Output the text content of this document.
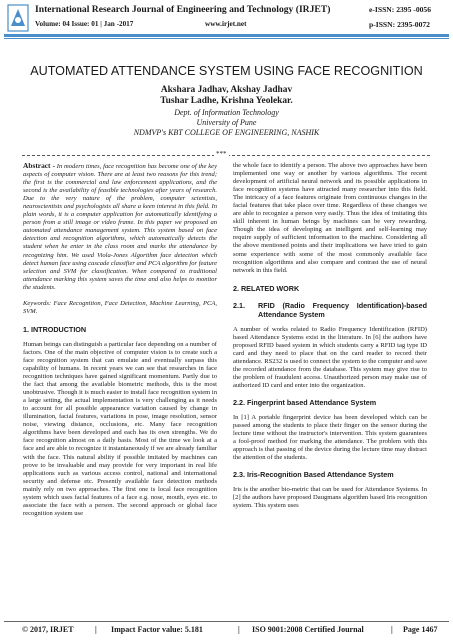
International Research Journal of Engineering and Technology (IRJET)
Volume: 04 Issue: 01 | Jan -2017	www.irjet.net
e-ISSN: 2395 -0056
p-ISSN: 2395-0072
AUTOMATED ATTENDANCE SYSTEM USING FACE RECOGNITION
Akshara Jadhav, Akshay Jadhav
Tushar Ladhe, Krishna Yeolekar.
Dept. of Information Technology
University of Pune
NDMVP's KBT COLLEGE OF ENGINEERING, NASHIK
***
Abstract - In modern times, face recognition has become one of the key aspects of computer vision. There are at least two reasons for this trend; the first is the commercial and law enforcement applications, and the second is the availability of feasible technologies after years of research. Due to the very nature of the problem, computer scientists, neuroscientists and psychologists all share a keen interest in this field. In plain words, it is a computer application for automatically identifying a person from a still image or video frame. In this paper we proposed an automated attendance management system. This system based on face detection and recognition algorithms, which automatically detects the student when he enter in the class room and marks the attendance by recognizing him. We used Viola-Jones Algorithm face detection which detect human face using cascade classifier and PCA algorithm for feature selection and SVM for classification. When compared to traditional attendance marking this system saves the time and also helps to monitor the students.
Keywords: Face Recognition, Face Detection, Machine Learning, PCA, SVM.
1. INTRODUCTION
Human beings can distinguish a particular face depending on a number of factors. One of the main objective of computer vision is to create such a face recognition system that can emulate and eventually surpass this capability of humans. In recent years we can see that researches in face recognition techniques have gained significant momentum. Partly due to the fact that among the available biometric methods, this is the most unobtrusive. Though it is much easier to install face recognition system in a large setting, the actual implementation is very challenging as it needs to account for all possible appearance variation caused by change in illumination, facial features, variations in pose, image resolution, sensor noise, viewing distance, occlusions, etc. Many face recognition algorithms have been developed and each has its own strengths. We do face recognition almost on a daily basis. Most of the time we look at a face and are able to recognize it instantaneously if we are already familiar with the face. This natural ability if possible imitated by machines can prove to be invaluable and may provide for very important in real life applications such as various access control, national and international security and defense etc. Presently available face detection methods mainly rely on two approaches. The first one is local face recognition system which uses facial features of a face e.g. nose, mouth, eyes etc. to associate the face with a person. The second approach or global face recognition system use
the whole face to identify a person. The above two approaches have been implemented one way or another by various algorithms. The recent development of artificial neural network and its possible applications in face recognition systems have attracted many researcher into this field. The intricacy of a face features originate from continuous changes in the facial features that take place over time. Regardless of these changes we are able to recognize a person very easily. Thus the idea of imitating this skill inherent in human beings by machines can be very rewarding. Though the idea of developing an intelligent and self-learning may require supply of sufficient information to the machine. Considering all the above mentioned points and their implications we have tried to gain some experience with some of the most commonly available face recognition algorithms and also compare and contrast the use of neural network in this field.
2. RELATED WORK
2.1.	RFID (Radio Frequency Identification)-based Attendance System
A number of works related to Radio Frequency Identification (RFID) based Attendance Systems exist in the literature. In [6] the authors have proposed RFID based system in which students carry a RFID tag type ID card and they need to place that on the card reader to record their attendance. RS232 is used to connect the system to the computer and save the recorded attendance from the database. This system may give rise to the problem of fraudulent access. Unauthorized person may make use of authorized ID card and enter into the organization.
2.2. Fingerprint based Attendance System
In [1] A portable fingerprint device has been developed which can be passed among the students to place their finger on the sensor during the lecture time without the instructor's intervention. This system guarantees a fool-proof method for marking the attendance. The problem with this approach is that passing of the device during the lecture time may distract the attention of the students.
2.3. Iris-Recognition Based Attendance System
Iris is the another bio-metric that can be used for Attendance Systems. In [2] the authors have proposed Daugmans algorithm based Iris recognition system. This system uses
© 2017, IRJET	| Impact Factor value: 5.181	| ISO 9001:2008 Certified Journal	| Page 1467
